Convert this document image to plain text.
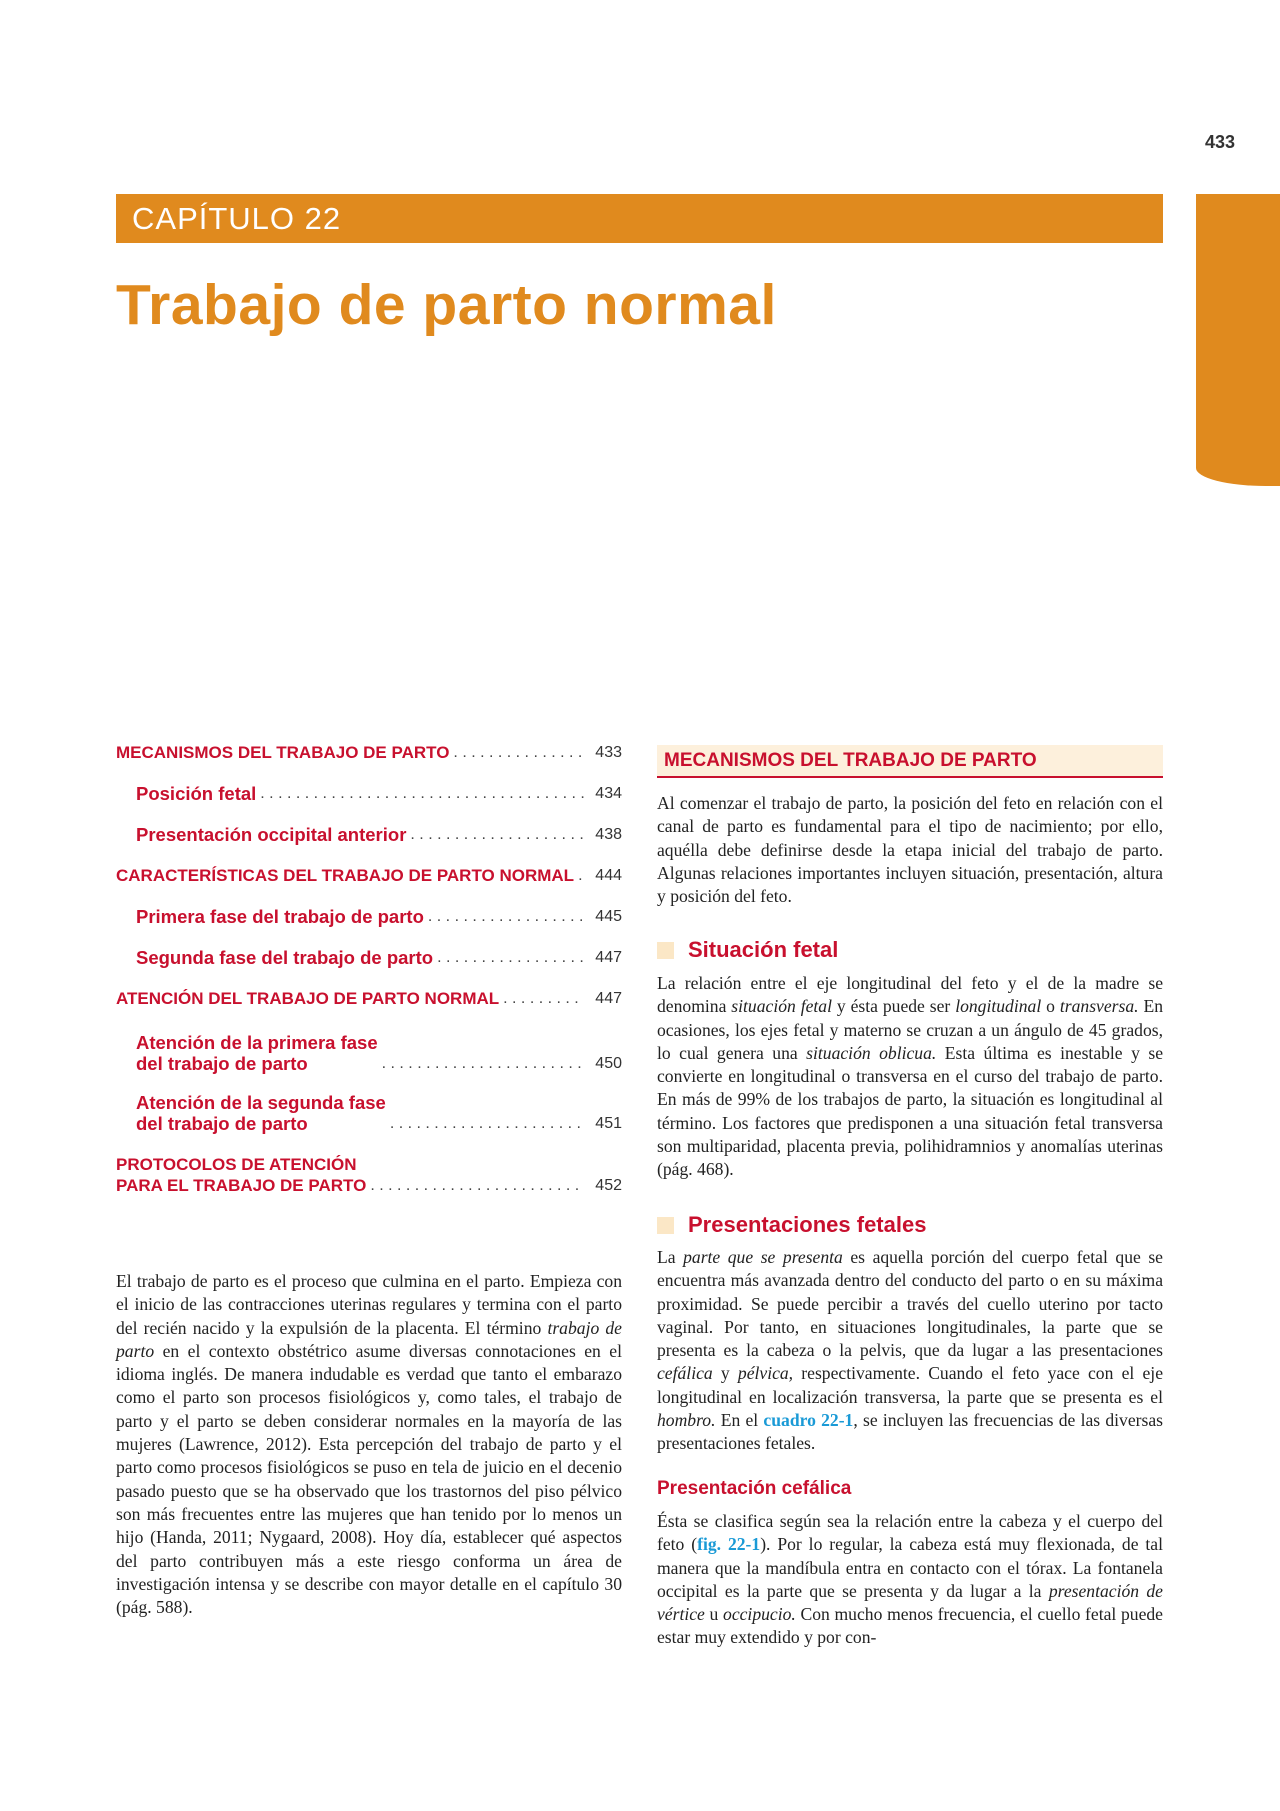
433
CAPÍTULO 22
Trabajo de parto normal
MECANISMOS DEL TRABAJO DE PARTO . . .	433
Posición fetal . . .	434
Presentación occipital anterior . . .	438
CARACTERÍSTICAS DEL TRABAJO DE PARTO NORMAL . . .	444
Primera fase del trabajo de parto . . .	445
Segunda fase del trabajo de parto . . .	447
ATENCIÓN DEL TRABAJO DE PARTO NORMAL . . .	447
Atención de la primera fase
del trabajo de parto . . .	450
Atención de la segunda fase
del trabajo de parto . . .	451
PROTOCOLOS DE ATENCIÓN
PARA EL TRABAJO DE PARTO . . .	452

El trabajo de parto es el proceso que culmina en el parto. Empieza con el inicio de las contracciones uterinas regulares y termina con el parto del recién nacido y la expulsión de la placenta. El término trabajo de parto en el contexto obstétrico asume diversas connotaciones en el idioma inglés. De manera indudable es verdad que tanto el embarazo como el parto son procesos fisiológicos y, como tales, el trabajo de parto y el parto se deben considerar normales en la mayoría de las mujeres (Lawrence, 2012). Esta percepción del trabajo de parto y el parto como procesos fisiológicos se puso en tela de juicio en el decenio pasado puesto que se ha observado que los trastornos del piso pélvico son más frecuentes entre las mujeres que han tenido por lo menos un hijo (Handa, 2011; Nygaard, 2008). Hoy día, establecer qué aspectos del parto contribuyen más a este riesgo conforma un área de investigación intensa y se describe con mayor detalle en el capítulo 30 (pág. 588).

MECANISMOS DEL TRABAJO DE PARTO

Al comenzar el trabajo de parto, la posición del feto en relación con el canal de parto es fundamental para el tipo de nacimiento; por ello, aquélla debe definirse desde la etapa inicial del trabajo de parto. Algunas relaciones importantes incluyen situación, presentación, altura y posición del feto.

Situación fetal

La relación entre el eje longitudinal del feto y el de la madre se denomina situación fetal y ésta puede ser longitudinal o transversa. En ocasiones, los ejes fetal y materno se cruzan a un ángulo de 45 grados, lo cual genera una situación oblicua. Esta última es inestable y se convierte en longitudinal o transversa en el curso del trabajo de parto. En más de 99% de los trabajos de parto, la situación es longitudinal al término. Los factores que predisponen a una situación fetal transversa son multiparidad, placenta previa, polihidramnios y anomalías uterinas (pág. 468).

Presentaciones fetales

La parte que se presenta es aquella porción del cuerpo fetal que se encuentra más avanzada dentro del conducto del parto o en su máxima proximidad. Se puede percibir a través del cuello uterino por tacto vaginal. Por tanto, en situaciones longitudinales, la parte que se presenta es la cabeza o la pelvis, que da lugar a las presentaciones cefálica y pélvica, respectivamente. Cuando el feto yace con el eje longitudinal en localización transversa, la parte que se presenta es el hombro. En el cuadro 22-1, se incluyen las frecuencias de las diversas presentaciones fetales.

Presentación cefálica

Ésta se clasifica según sea la relación entre la cabeza y el cuerpo del feto (fig. 22-1). Por lo regular, la cabeza está muy flexionada, de tal manera que la mandíbula entra en contacto con el tórax. La fontanela occipital es la parte que se presenta y da lugar a la presentación de vértice u occipucio. Con mucho menos frecuencia, el cuello fetal puede estar muy extendido y por con-
